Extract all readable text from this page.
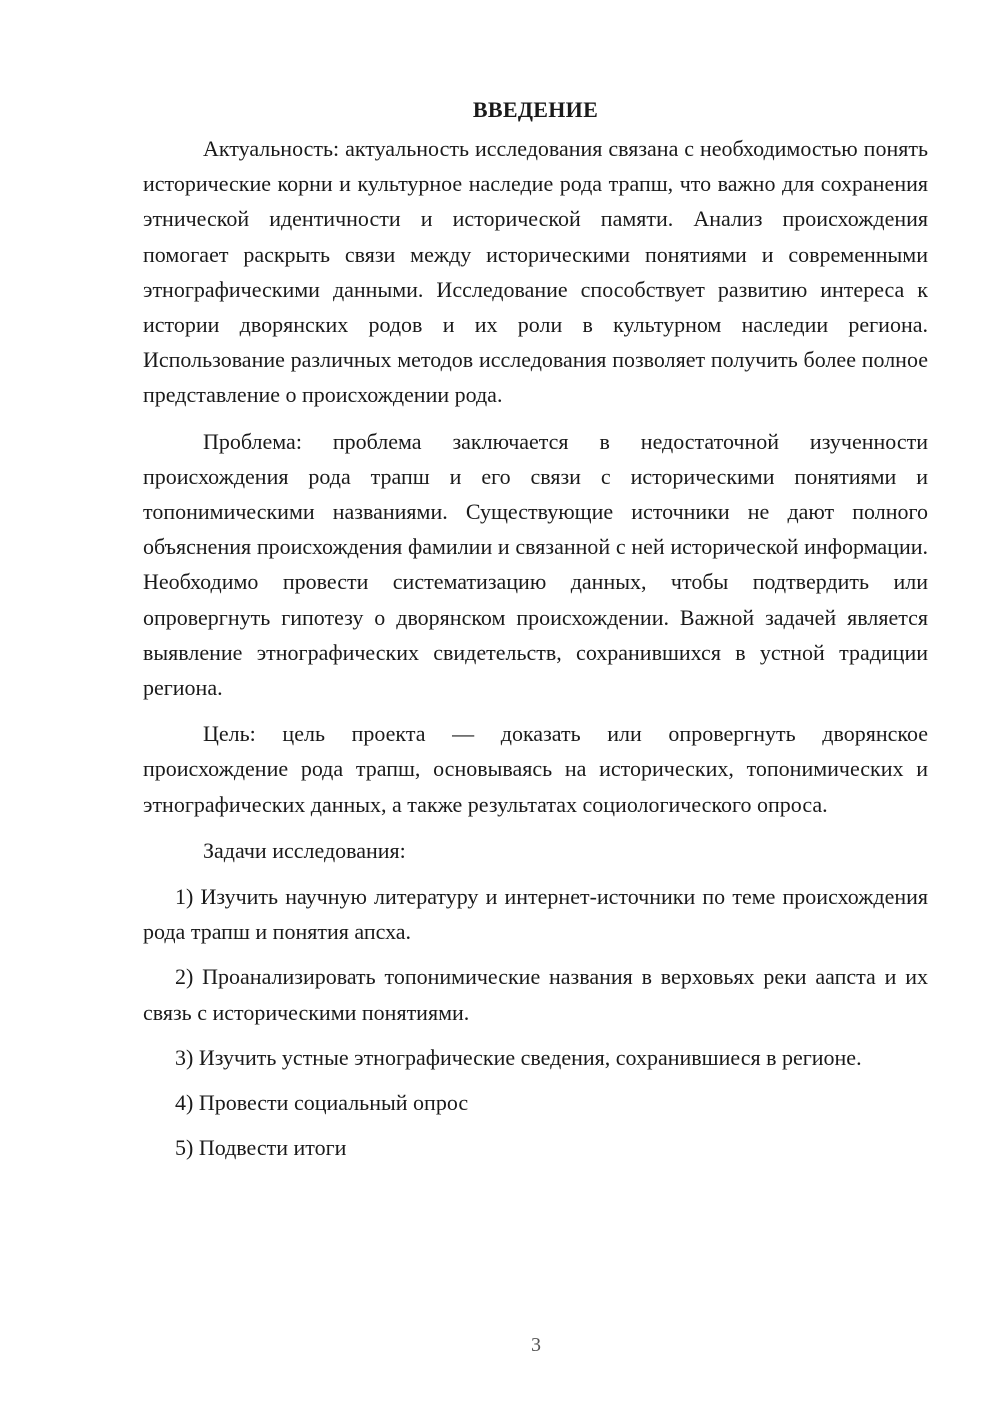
ВВЕДЕНИЕ

Актуальность: актуальность исследования связана с необходимостью понять исторические корни и культурное наследие рода трапш, что важно для сохранения этнической идентичности и исторической памяти. Анализ происхождения помогает раскрыть связи между историческими понятиями и современными этнографическими данными. Исследование способствует развитию интереса к истории дворянских родов и их роли в культурном наследии региона. Использование различных методов исследования позволяет получить более полное представление о происхождении рода.

Проблема: проблема заключается в недостаточной изученности происхождения рода трапш и его связи с историческими понятиями и топонимическими названиями. Существующие источники не дают полного объяснения происхождения фамилии и связанной с ней исторической информации. Необходимо провести систематизацию данных, чтобы подтвердить или опровергнуть гипотезу о дворянском происхождении. Важной задачей является выявление этнографических свидетельств, сохранившихся в устной традиции региона.

Цель: цель проекта — доказать или опровергнуть дворянское происхождение рода трапш, основываясь на исторических, топонимических и этнографических данных, а также результатах социологического опроса.

Задачи исследования:

1) Изучить научную литературу и интернет-источники по теме происхождения рода трапш и понятия апсха.

2) Проанализировать топонимические названия в верховьях реки аапста и их связь с историческими понятиями.

3) Изучить устные этнографические сведения, сохранившиеся в регионе.

4) Провести социальный опрос

5) Подвести итоги

3
